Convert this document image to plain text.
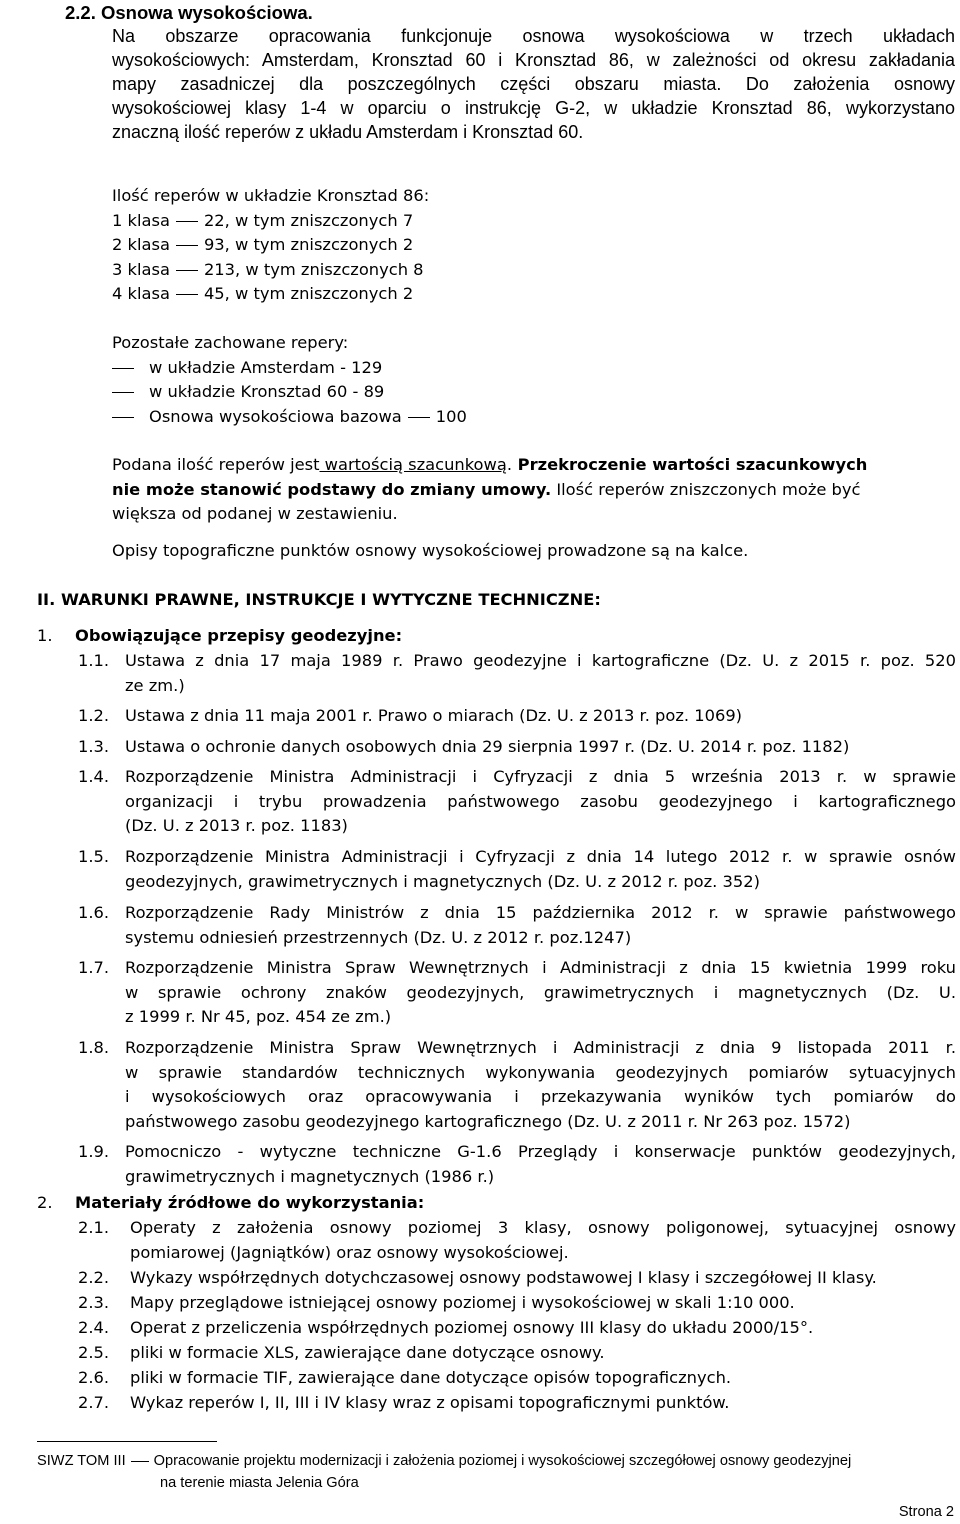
2.2. Osnowa wysokościowa.
Na obszarze opracowania funkcjonuje osnowa wysokościowa w trzech układach
wysokościowych: Amsterdam, Kronsztad 60 i Kronsztad 86, w zależności od okresu zakładania
mapy zasadniczej dla poszczególnych części obszaru miasta. Do założenia osnowy
wysokościowej klasy 1-4 w oparciu o instrukcję G-2, w układzie Kronsztad 86, wykorzystano
znaczną ilość reperów z układu Amsterdam i Kronsztad 60.
Ilość reperów w układzie Kronsztad 86:
1 klasa 22, w tym zniszczonych 7
2 klasa 93, w tym zniszczonych 2
3 klasa 213, w tym zniszczonych 8
4 klasa 45, w tym zniszczonych 2
Pozostałe zachowane repery:
w układzie Amsterdam - 129
w układzie Kronsztad 60 - 89
Osnowa wysokościowa bazowa 100
Podana ilość reperów jest wartością szacunkową. Przekroczenie wartości szacunkowych
nie może stanowić podstawy do zmiany umowy. Ilość reperów zniszczonych może być
większa od podanej w zestawieniu.
Opisy topograficzne punktów osnowy wysokościowej prowadzone są na kalce.
II. WARUNKI PRAWNE, INSTRUKCJE I WYTYCZNE TECHNICZNE:
1. Obowiązujące przepisy geodezyjne:
1.1. Ustawa z dnia 17 maja 1989 r. Prawo geodezyjne i kartograficzne (Dz. U. z 2015 r. poz. 520
ze zm.)
1.2. Ustawa z dnia 11 maja 2001 r. Prawo o miarach (Dz. U. z 2013 r. poz. 1069)
1.3. Ustawa o ochronie danych osobowych dnia 29 sierpnia 1997 r. (Dz. U. 2014 r. poz. 1182)
1.4. Rozporządzenie Ministra Administracji i Cyfryzacji z dnia 5 września 2013 r. w sprawie
organizacji i trybu prowadzenia państwowego zasobu geodezyjnego i kartograficznego
(Dz. U. z 2013 r. poz. 1183)
1.5. Rozporządzenie Ministra Administracji i Cyfryzacji z dnia 14 lutego 2012 r. w sprawie osnów
geodezyjnych, grawimetrycznych i magnetycznych (Dz. U. z 2012 r. poz. 352)
1.6. Rozporządzenie Rady Ministrów z dnia 15 października 2012 r. w sprawie państwowego
systemu odniesień przestrzennych (Dz. U. z 2012 r. poz.1247)
1.7. Rozporządzenie Ministra Spraw Wewnętrznych i Administracji z dnia 15 kwietnia 1999 roku
w sprawie ochrony znaków geodezyjnych, grawimetrycznych i magnetycznych (Dz. U.
z 1999 r. Nr 45, poz. 454 ze zm.)
1.8. Rozporządzenie Ministra Spraw Wewnętrznych i Administracji z dnia 9 listopada 2011 r.
w sprawie standardów technicznych wykonywania geodezyjnych pomiarów sytuacyjnych
i wysokościowych oraz opracowywania i przekazywania wyników tych pomiarów do
państwowego zasobu geodezyjnego kartograficznego (Dz. U. z 2011 r. Nr 263 poz. 1572)
1.9. Pomocniczo - wytyczne techniczne G-1.6 Przeglądy i konserwacje punktów geodezyjnych,
grawimetrycznych i magnetycznych (1986 r.)
2. Materiały źródłowe do wykorzystania:
2.1. Operaty z założenia osnowy poziomej 3 klasy, osnowy poligonowej, sytuacyjnej osnowy
pomiarowej (Jagniątków) oraz osnowy wysokościowej.
2.2. Wykazy współrzędnych dotychczasowej osnowy podstawowej I klasy i szczegółowej II klasy.
2.3. Mapy przeglądowe istniejącej osnowy poziomej i wysokościowej w skali 1:10 000.
2.4. Operat z przeliczenia współrzędnych poziomej osnowy III klasy do układu 2000/15°.
2.5. pliki w formacie XLS, zawierające dane dotyczące osnowy.
2.6. pliki w formacie TIF, zawierające dane dotyczące opisów topograficznych.
2.7. Wykaz reperów I, II, III i IV klasy wraz z opisami topograficznymi punktów.
SIWZ TOM III Opracowanie projektu modernizacji i założenia poziomej i wysokościowej szczegółowej osnowy geodezyjnej
na terenie miasta Jelenia Góra
Strona 2
